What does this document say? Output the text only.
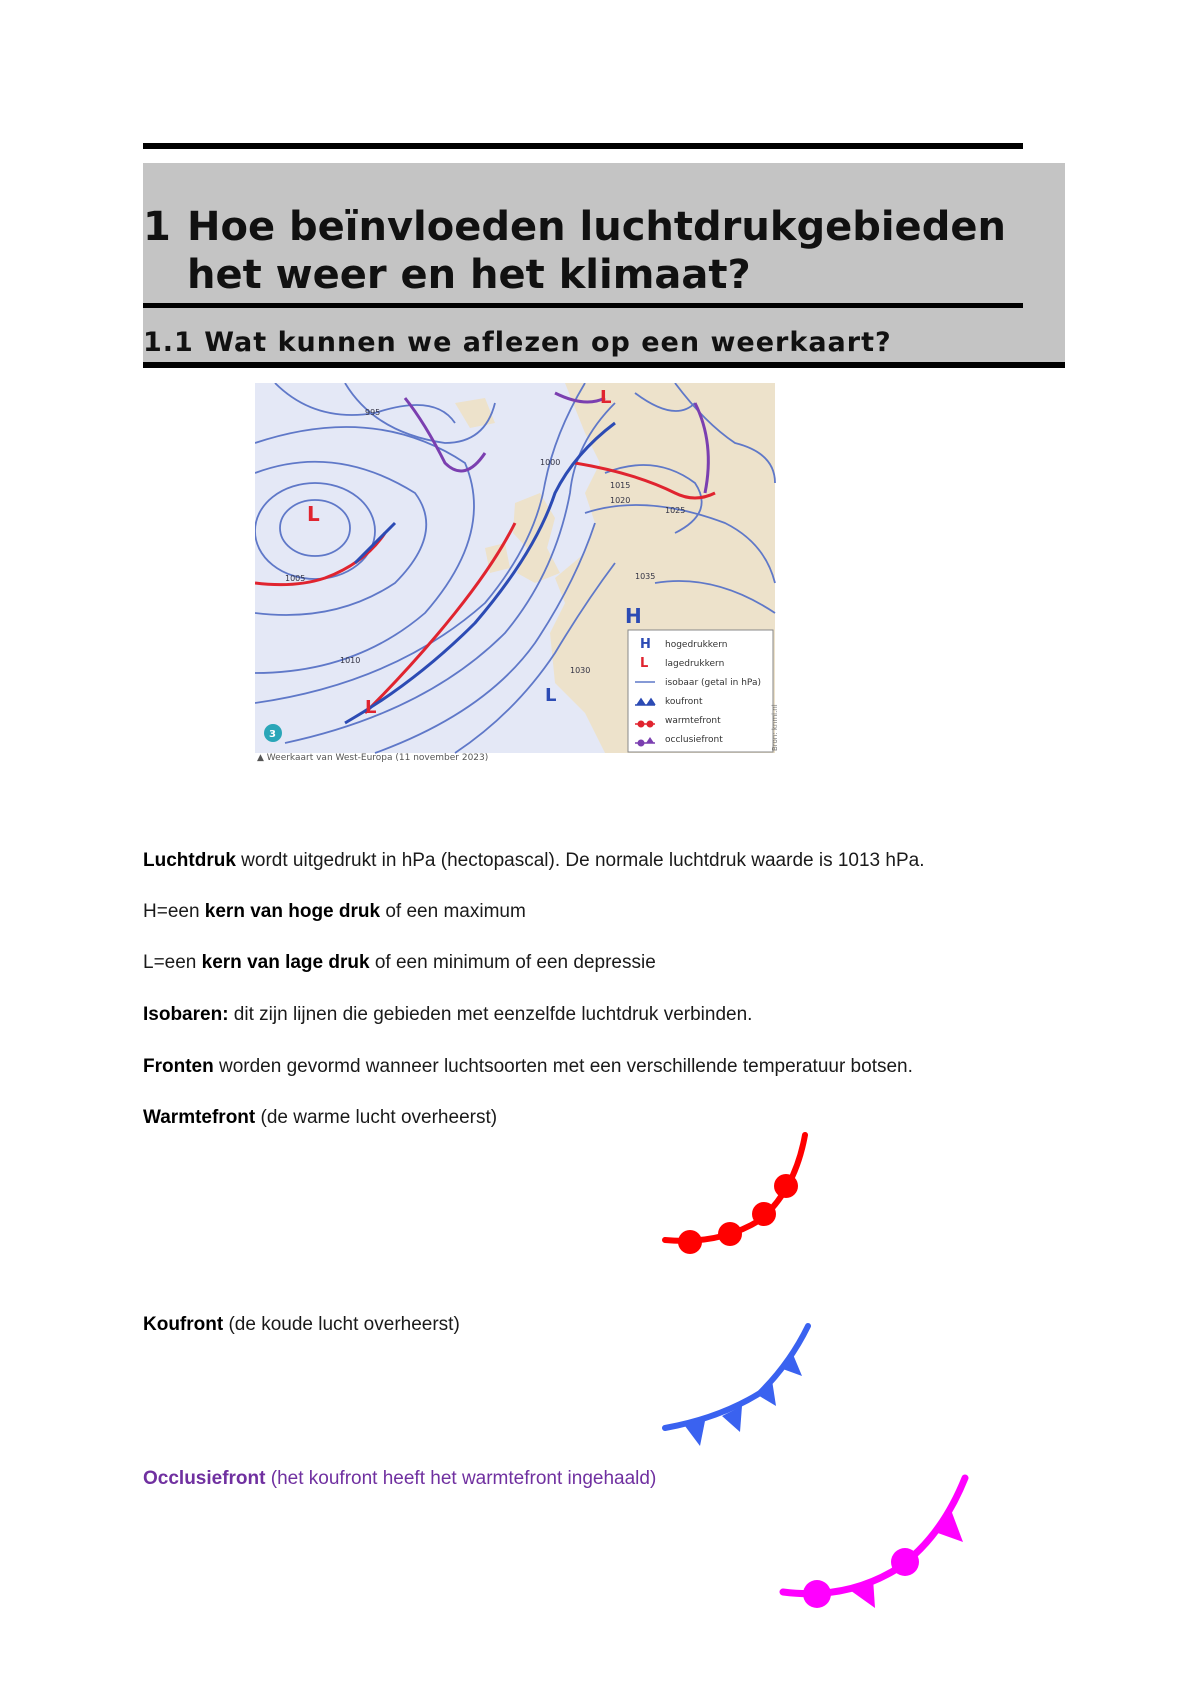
1 Hoe beïnvloeden luchtdrukgebieden het weer en het klimaat?
1.1 Wat kunnen we aflezen op een weerkaart?
L
L
L
H
L
995
1000
1005
1010
1015
1020
1025
1030
1035
H hogedrukkern
L lagedrukkern
isobaar (getal in hPa)
koufront
warmtefront
occlusiefront	Bron: knmi.nl
3
▲ Weerkaart van West-Europa (11 november 2023)
Luchtdruk wordt uitgedrukt in hPa (hectopascal). De normale luchtdruk waarde is 1013 hPa.
H=een kern van hoge druk of een maximum
L=een kern van lage druk of een minimum of een depressie
Isobaren: dit zijn lijnen die gebieden met eenzelfde luchtdruk verbinden.
Fronten worden gevormd wanneer luchtsoorten met een verschillende temperatuur botsen.
Warmtefront (de warme lucht overheerst)
Koufront (de koude lucht overheerst)
Occlusiefront (het koufront heeft het warmtefront ingehaald)
